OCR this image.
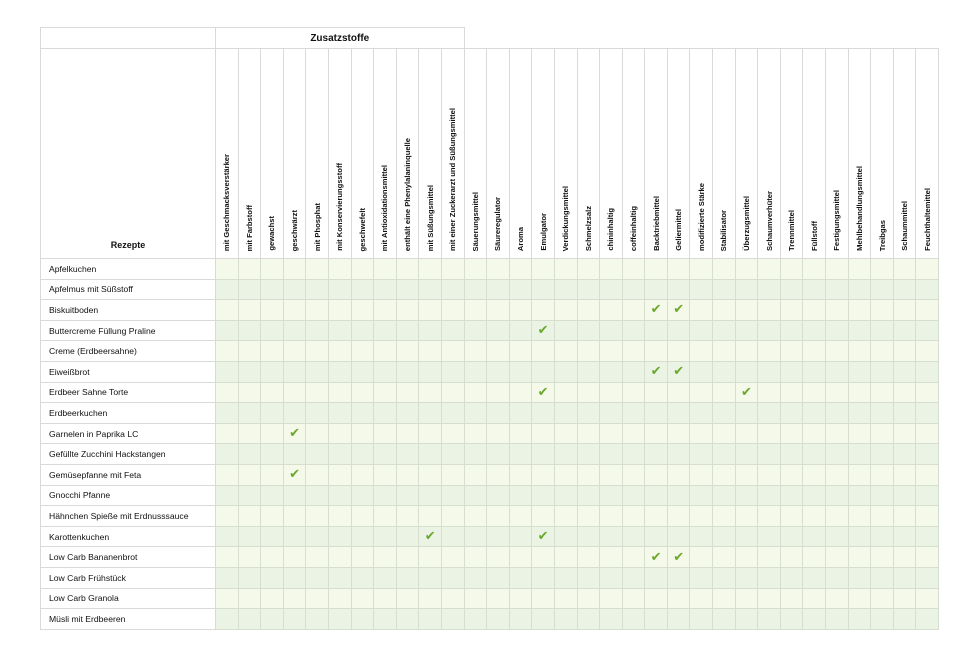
	Zusatzstoffe																															
Rezepte	mit Geschmacksverstärker	mit Farbstoff	gewachst	geschwärzt	mit Phosphat	mit Konservierungsstoff	geschwefelt	mit Antioxidationsmittel	enthält eine Phenylalaninquelle	mit Süßungsmittel	mit einer Zuckerarzt und Süßungsmittel	Säuerungsmittel	Säureregulator	Aroma	Emulgator	Verdickungsmittel	Schmelzsalz	chininhaltig	coffeinhaltig	Backtriebmittel	Geliermittel	modifizierte Stärke	Stabilisator	Überzugsmittel	Schaumverhüter	Trennmittel	Füllstoff	Festigungsmittel	Mehlbehandlungsmittel	Treibgas	Schaummittel	Feuchthaltemittel

Apfelkuchen																																
Apfelmus mit Süßstoff																																
Biskuitboden																				✔	✔											
Buttercreme Füllung Praline															✔																	
Creme (Erdbeersahne)																																
Eiweißbrot																				✔	✔											
Erdbeer Sahne Torte															✔									✔								
Erdbeerkuchen																																
Garnelen in Paprika LC				✔																												
Gefüllte Zucchini Hackstangen																																
Gemüsepfanne mit Feta				✔																												
Gnocchi Pfanne																																
Hähnchen Spieße mit Erdnusssauce																																
Karottenkuchen										✔					✔																	
Low Carb Bananenbrot																				✔	✔											
Low Carb Frühstück																																
Low Carb Granola																																
Müsli mit Erdbeeren																																
